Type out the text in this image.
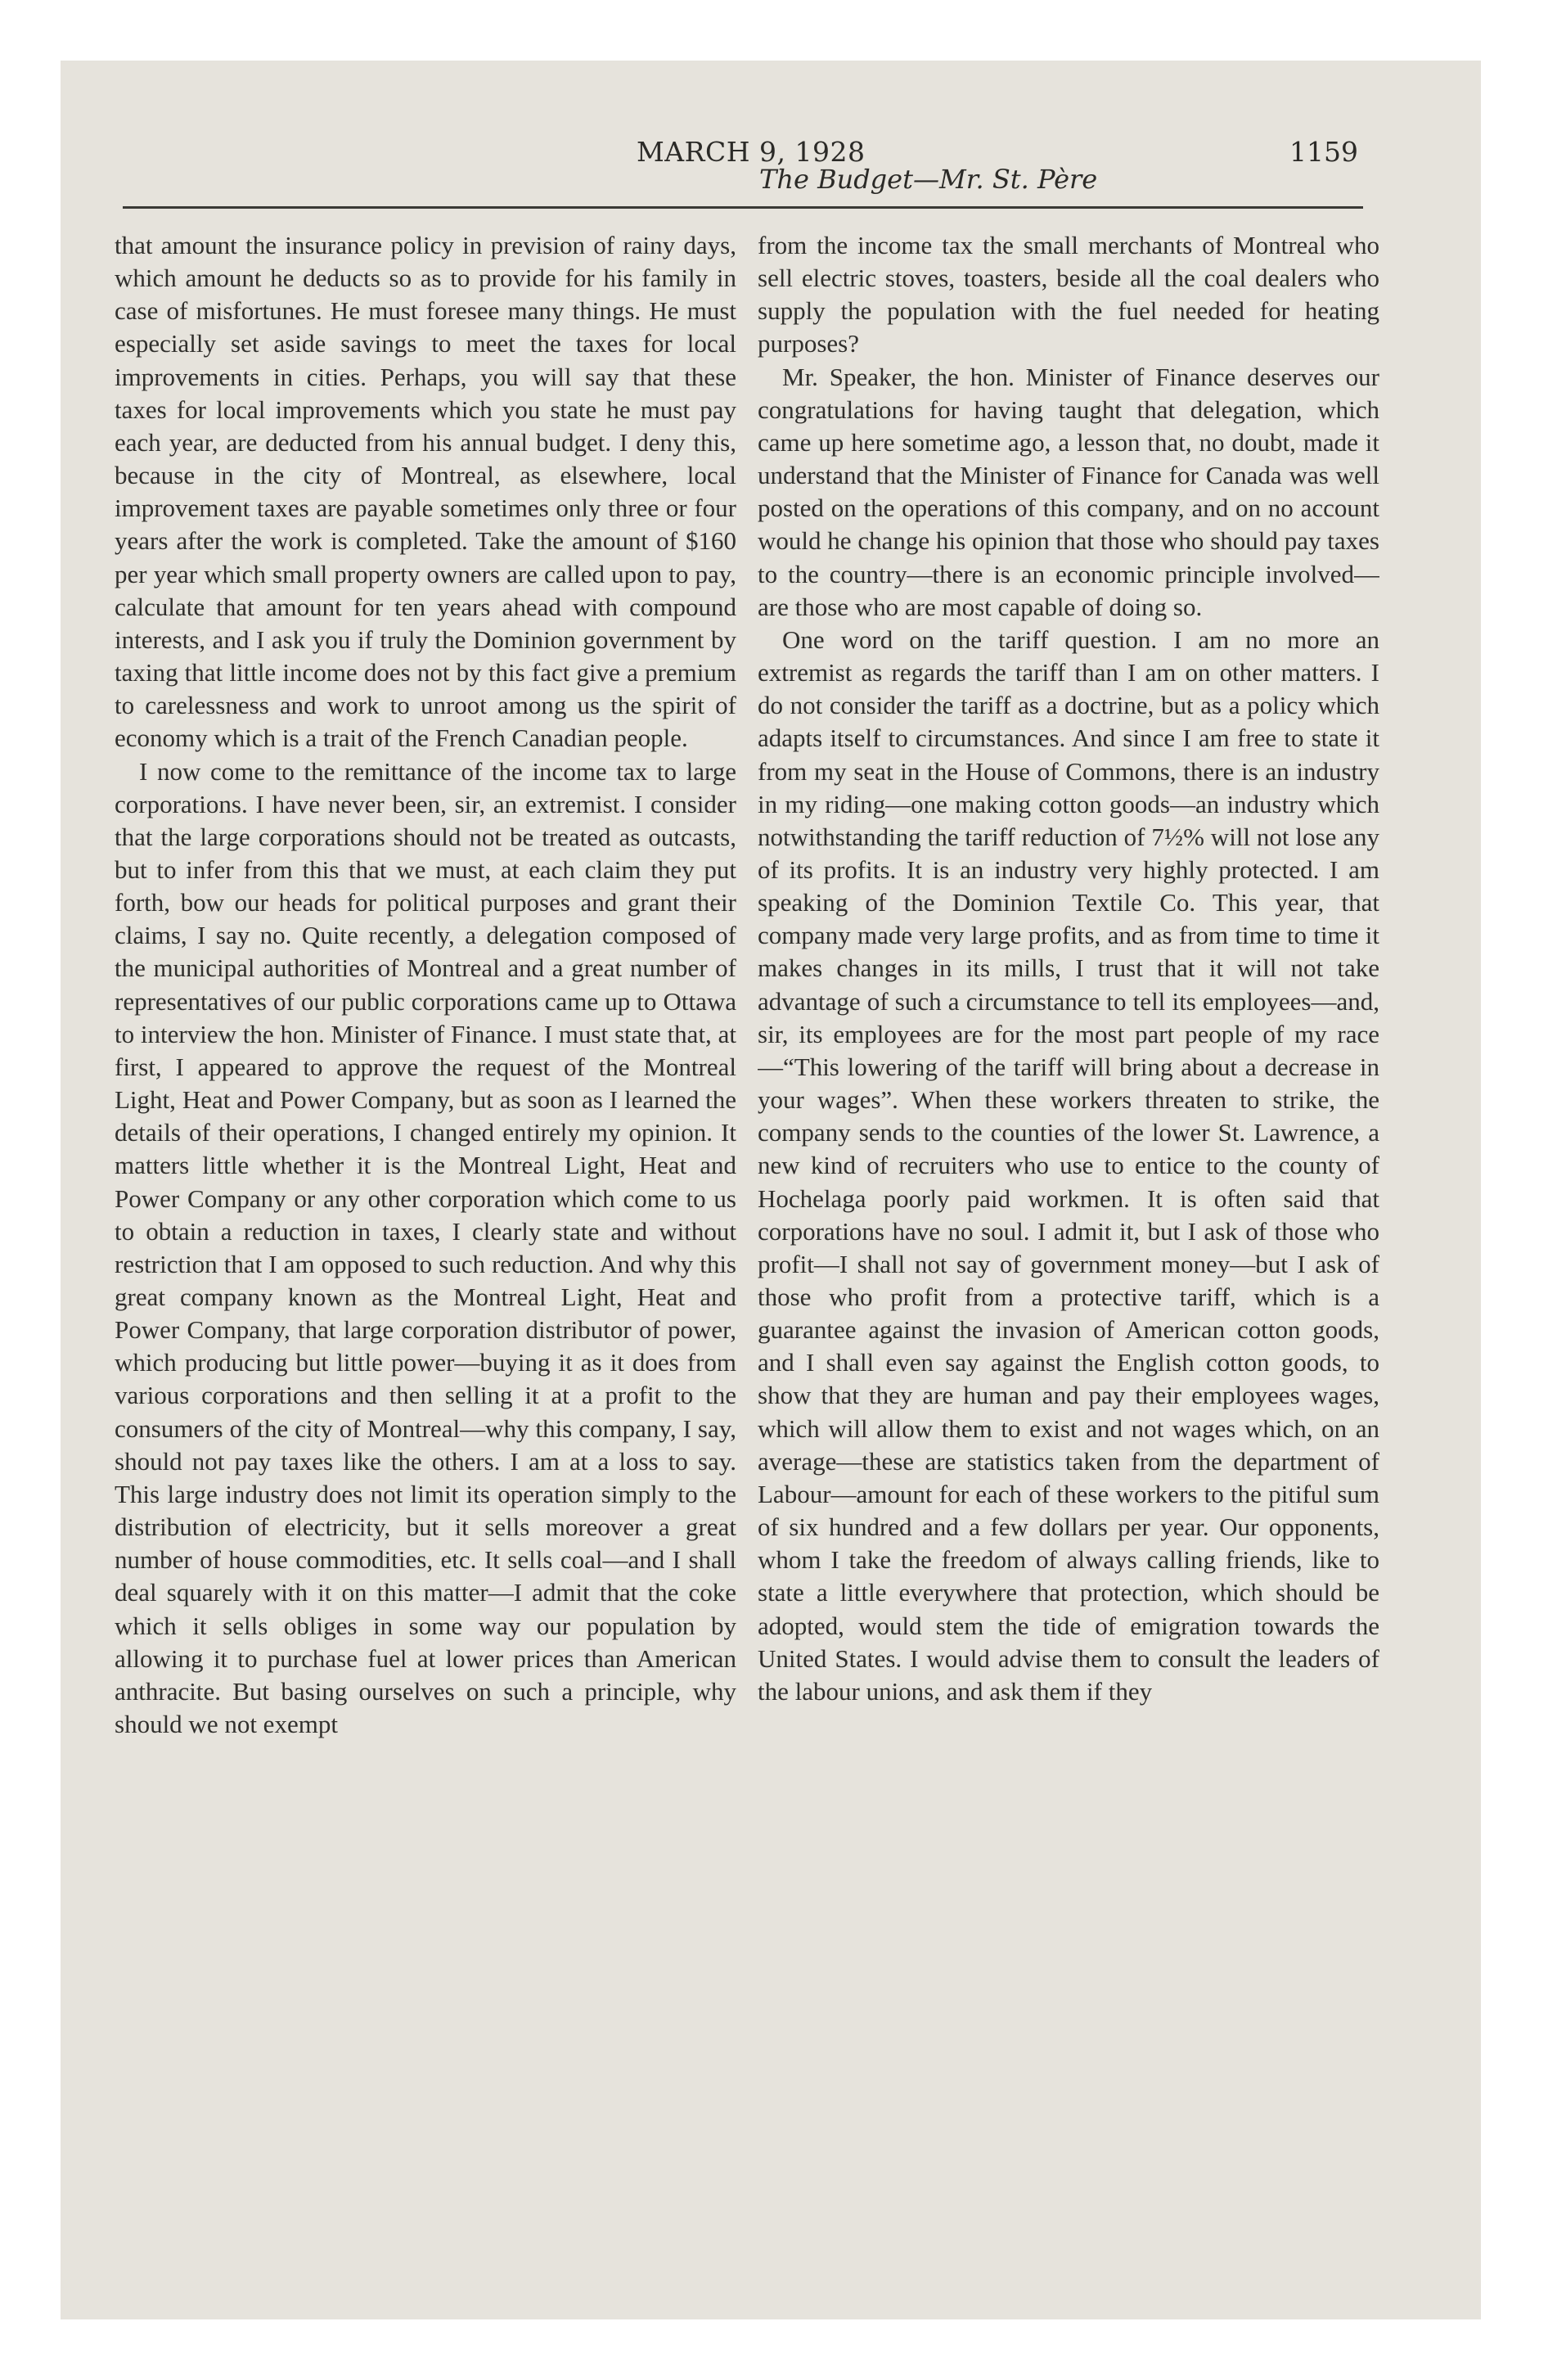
MARCH 9, 1928
The Budget—Mr. St. Père
1159

that amount the insurance policy in prevision of rainy days, which amount he deducts so as to provide for his family in case of misfortunes. He must foresee many things. He must especially set aside savings to meet the taxes for local improvements in cities. Perhaps, you will say that these taxes for local improvements which you state he must pay each year, are deducted from his annual budget. I deny this, because in the city of Montreal, as elsewhere, local improvement taxes are payable sometimes only three or four years after the work is completed. Take the amount of $160 per year which small property owners are called upon to pay, calculate that amount for ten years ahead with compound interests, and I ask you if truly the Dominion government by taxing that little income does not by this fact give a premium to carelessness and work to unroot among us the spirit of economy which is a trait of the French Canadian people.

I now come to the remittance of the income tax to large corporations. I have never been, sir, an extremist. I consider that the large corporations should not be treated as outcasts, but to infer from this that we must, at each claim they put forth, bow our heads for political purposes and grant their claims, I say no. Quite recently, a delegation composed of the municipal authorities of Montreal and a great number of representatives of our public corporations came up to Ottawa to interview the hon. Minister of Finance. I must state that, at first, I appeared to approve the request of the Montreal Light, Heat and Power Company, but as soon as I learned the details of their operations, I changed entirely my opinion. It matters little whether it is the Montreal Light, Heat and Power Company or any other corporation which come to us to obtain a reduction in taxes, I clearly state and without restriction that I am opposed to such reduction. And why this great company known as the Montreal Light, Heat and Power Company, that large corporation distributor of power, which producing but little power—buying it as it does from various corporations and then selling it at a profit to the consumers of the city of Montreal—why this company, I say, should not pay taxes like the others. I am at a loss to say. This large industry does not limit its operation simply to the distribution of electricity, but it sells moreover a great number of house commodities, etc. It sells coal—and I shall deal squarely with it on this matter—I admit that the coke which it sells obliges in some way our population by allowing it to purchase fuel at lower prices than American anthracite. But basing ourselves on such a principle, why should we not exempt

from the income tax the small merchants of Montreal who sell electric stoves, toasters, beside all the coal dealers who supply the population with the fuel needed for heating purposes?

Mr. Speaker, the hon. Minister of Finance deserves our congratulations for having taught that delegation, which came up here sometime ago, a lesson that, no doubt, made it understand that the Minister of Finance for Canada was well posted on the operations of this company, and on no account would he change his opinion that those who should pay taxes to the country—there is an economic principle involved—are those who are most capable of doing so.

One word on the tariff question. I am no more an extremist as regards the tariff than I am on other matters. I do not consider the tariff as a doctrine, but as a policy which adapts itself to circumstances. And since I am free to state it from my seat in the House of Commons, there is an industry in my riding—one making cotton goods—an industry which notwithstanding the tariff reduction of 7½% will not lose any of its profits. It is an industry very highly protected. I am speaking of the Dominion Textile Co. This year, that company made very large profits, and as from time to time it makes changes in its mills, I trust that it will not take advantage of such a circumstance to tell its employees—and, sir, its employees are for the most part people of my race—“This lowering of the tariff will bring about a decrease in your wages”. When these workers threaten to strike, the company sends to the counties of the lower St. Lawrence, a new kind of recruiters who use to entice to the county of Hochelaga poorly paid workmen. It is often said that corporations have no soul. I admit it, but I ask of those who profit—I shall not say of government money—but I ask of those who profit from a protective tariff, which is a guarantee against the invasion of American cotton goods, and I shall even say against the English cotton goods, to show that they are human and pay their employees wages, which will allow them to exist and not wages which, on an average—these are statistics taken from the department of Labour—amount for each of these workers to the pitiful sum of six hundred and a few dollars per year. Our opponents, whom I take the freedom of always calling friends, like to state a little everywhere that protection, which should be adopted, would stem the tide of emigration towards the United States. I would advise them to consult the leaders of the labour unions, and ask them if they
